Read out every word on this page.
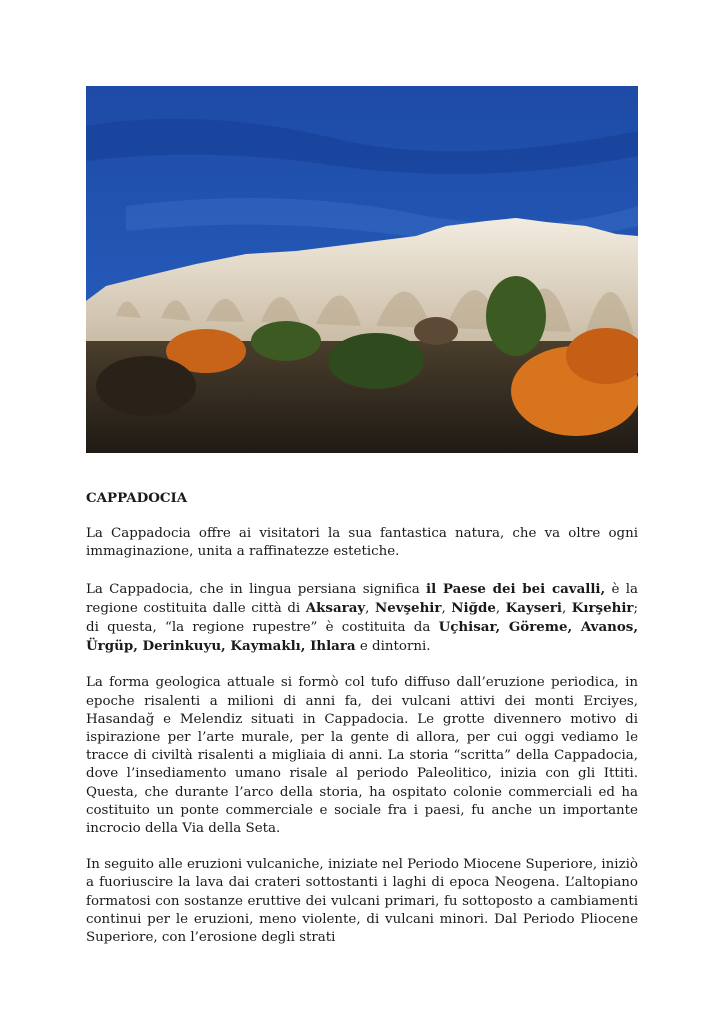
CAPPADOCIA

La Cappadocia offre ai visitatori la sua fantastica natura, che va oltre ogni immaginazione, unita a raffinatezze estetiche.

La Cappadocia, che in lingua persiana significa il Paese dei bei cavalli, è la regione costituita dalle città di Aksaray, Nevşehir, Niğde, Kayseri, Kırşehir; di questa, “la regione rupestre” è costituita da Uçhisar, Göreme, Avanos, Ürgüp, Derinkuyu, Kaymaklı, Ihlara e dintorni.

La forma geologica attuale si formò col tufo diffuso dall’eruzione periodica, in epoche risalenti a milioni di anni fa, dei vulcani attivi dei monti Erciyes, Hasandağ e Melendiz situati in Cappadocia. Le grotte divennero motivo di ispirazione per l’arte murale, per la gente di allora, per cui oggi vediamo le tracce di civiltà risalenti a migliaia di anni. La storia “scritta” della Cappadocia, dove l’insediamento umano risale al periodo Paleolitico, inizia con gli Ittiti. Questa, che durante l’arco della storia, ha ospitato colonie commerciali ed ha costituito un ponte commerciale e sociale fra i paesi, fu anche un importante incrocio della Via della Seta.

In seguito alle eruzioni vulcaniche, iniziate nel Periodo Miocene Superiore, iniziò a fuoriuscire la lava dai crateri sottostanti i laghi di epoca Neogena. L’altopiano formatosi con sostanze eruttive dei vulcani primari, fu sottoposto a cambiamenti continui per le eruzioni, meno violente, di vulcani minori. Dal Periodo Pliocene Superiore, con l’erosione degli strati
